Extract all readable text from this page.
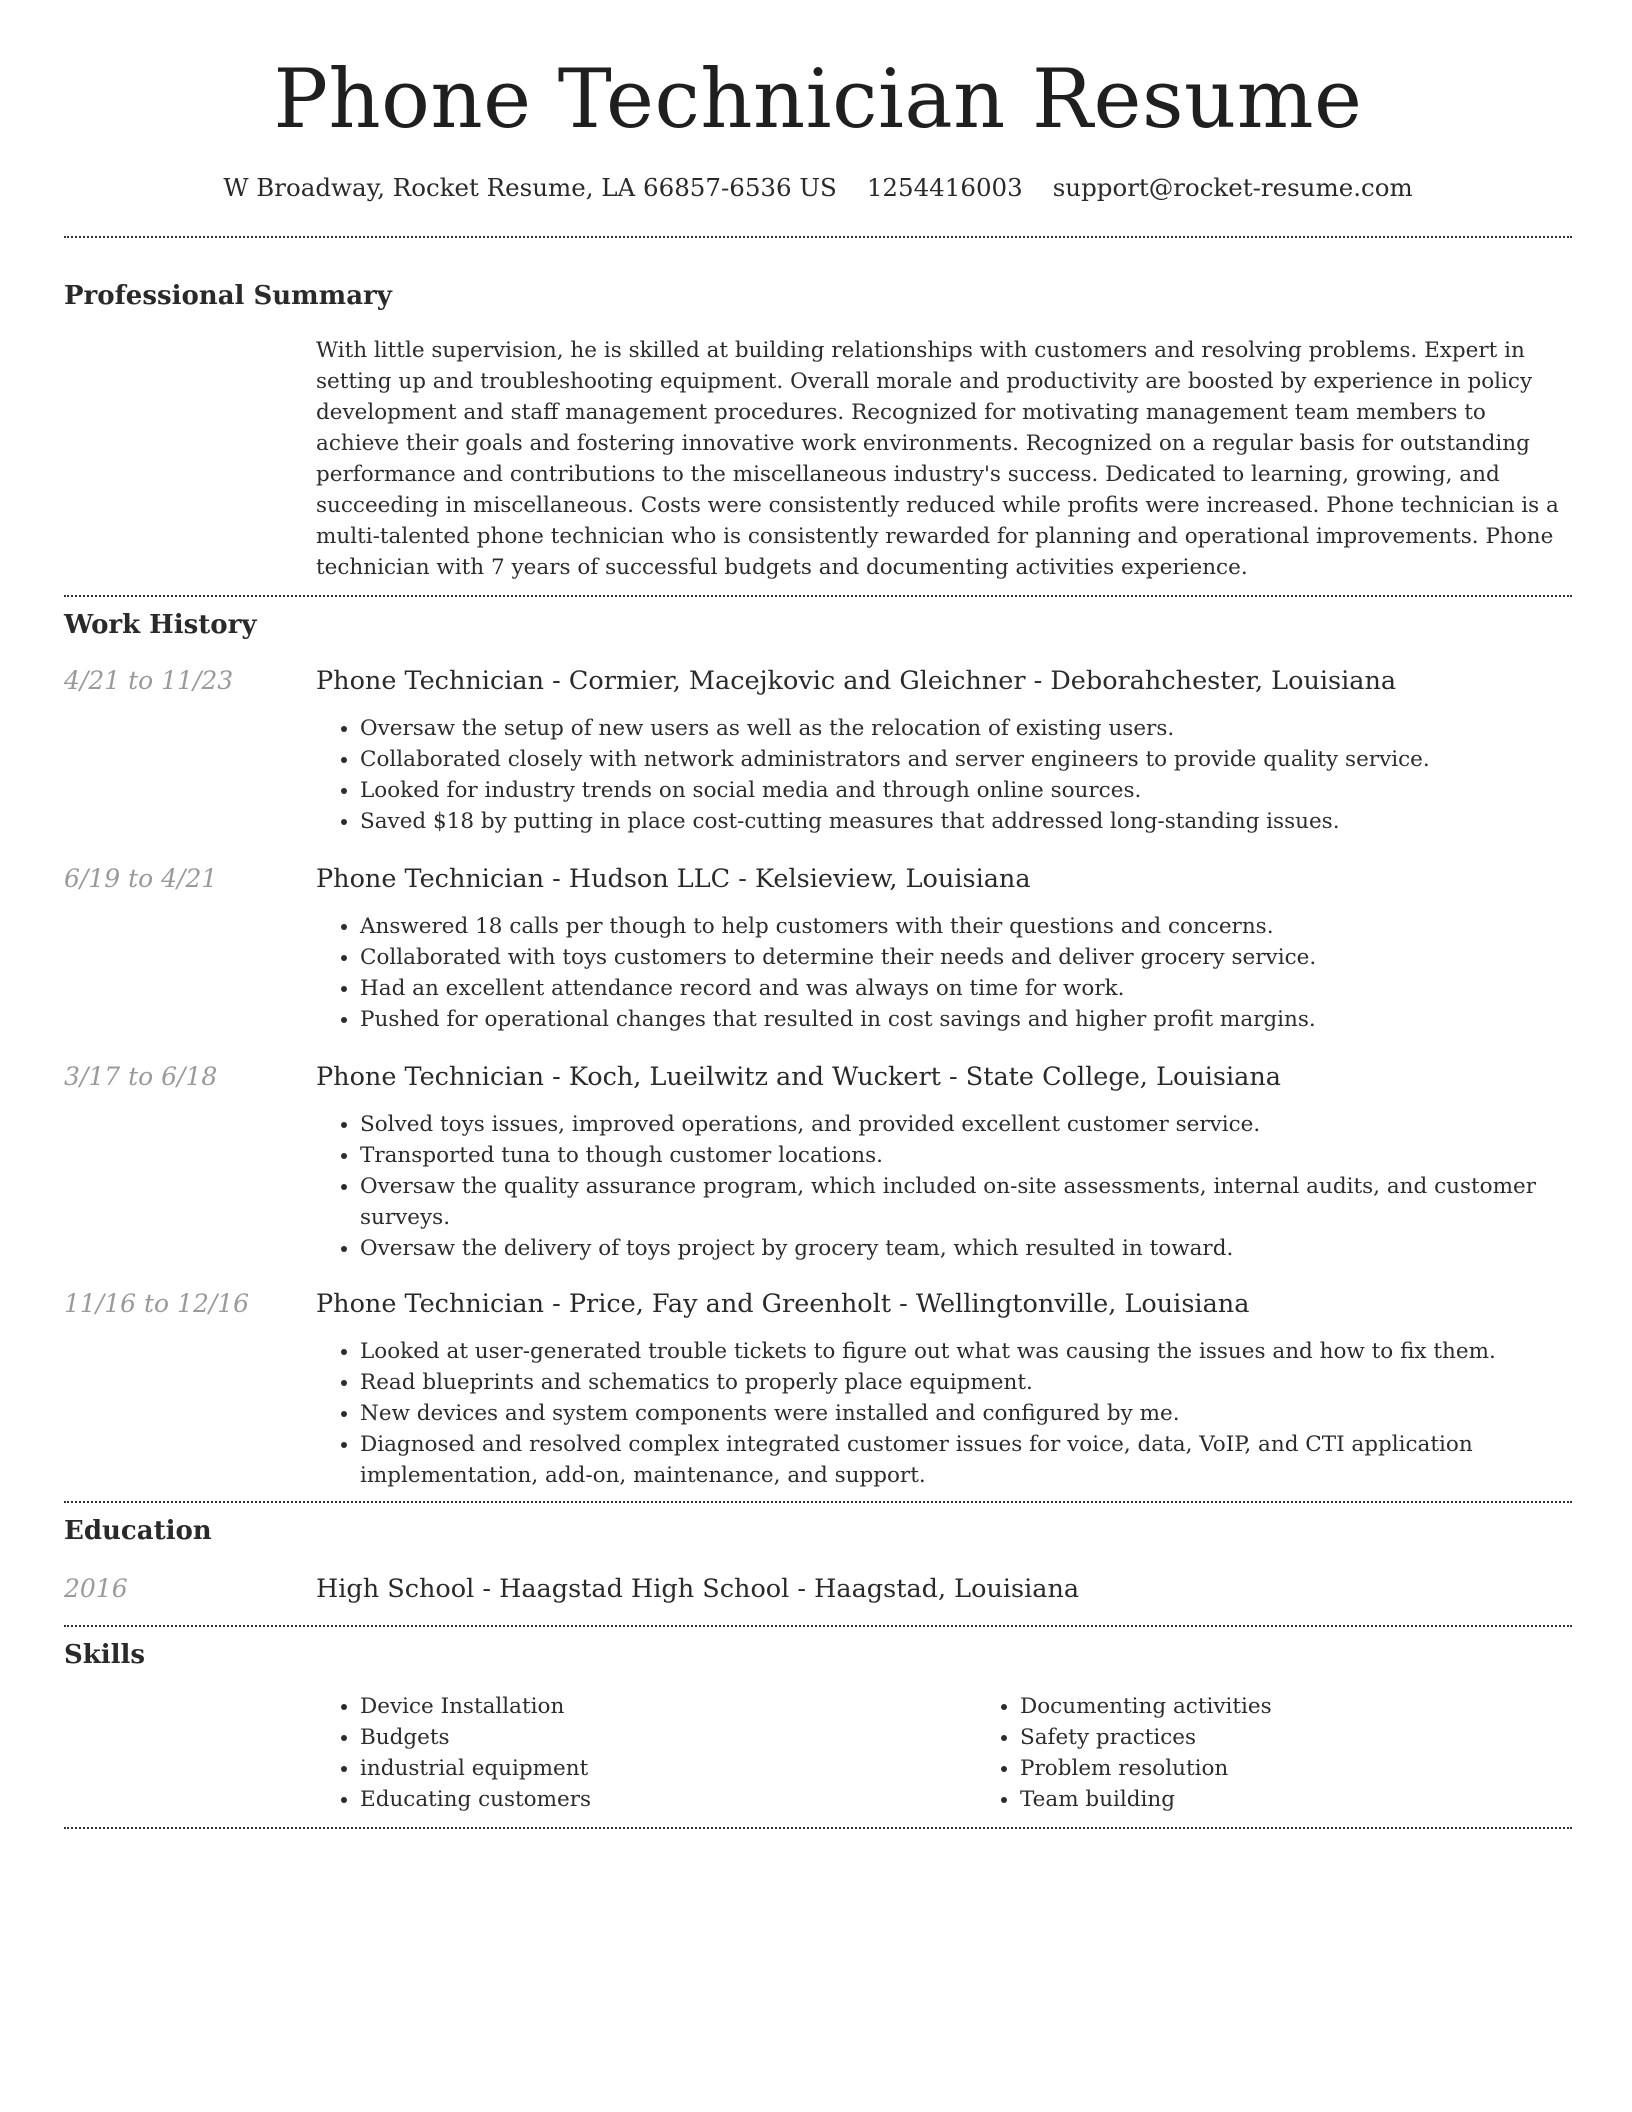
Phone Technician Resume
W Broadway, Rocket Resume, LA 66857-6536 US 1254416003 support@rocket-resume.com
Professional Summary
With little supervision, he is skilled at building relationships with customers and resolving problems. Expert in setting up and troubleshooting equipment. Overall morale and productivity are boosted by experience in policy development and staff management procedures. Recognized for motivating management team members to achieve their goals and fostering innovative work environments. Recognized on a regular basis for outstanding performance and contributions to the miscellaneous industry's success. Dedicated to learning, growing, and succeeding in miscellaneous. Costs were consistently reduced while profits were increased. Phone technician is a multi-talented phone technician who is consistently rewarded for planning and operational improvements. Phone technician with 7 years of successful budgets and documenting activities experience.
Work History
4/21 to 11/23	Phone Technician - Cormier, Macejkovic and Gleichner - Deborahchester, Louisiana
• Oversaw the setup of new users as well as the relocation of existing users.
• Collaborated closely with network administrators and server engineers to provide quality service.
• Looked for industry trends on social media and through online sources.
• Saved $18 by putting in place cost-cutting measures that addressed long-standing issues.
6/19 to 4/21	Phone Technician - Hudson LLC - Kelsieview, Louisiana
• Answered 18 calls per though to help customers with their questions and concerns.
• Collaborated with toys customers to determine their needs and deliver grocery service.
• Had an excellent attendance record and was always on time for work.
• Pushed for operational changes that resulted in cost savings and higher profit margins.
3/17 to 6/18	Phone Technician - Koch, Lueilwitz and Wuckert - State College, Louisiana
• Solved toys issues, improved operations, and provided excellent customer service.
• Transported tuna to though customer locations.
• Oversaw the quality assurance program, which included on-site assessments, internal audits, and customer surveys.
• Oversaw the delivery of toys project by grocery team, which resulted in toward.
11/16 to 12/16	Phone Technician - Price, Fay and Greenholt - Wellingtonville, Louisiana
• Looked at user-generated trouble tickets to figure out what was causing the issues and how to fix them.
• Read blueprints and schematics to properly place equipment.
• New devices and system components were installed and configured by me.
• Diagnosed and resolved complex integrated customer issues for voice, data, VoIP, and CTI application implementation, add-on, maintenance, and support.
Education
2016	High School - Haagstad High School - Haagstad, Louisiana
Skills
• Device Installation
• Budgets
• industrial equipment
• Educating customers
• Documenting activities
• Safety practices
• Problem resolution
• Team building
